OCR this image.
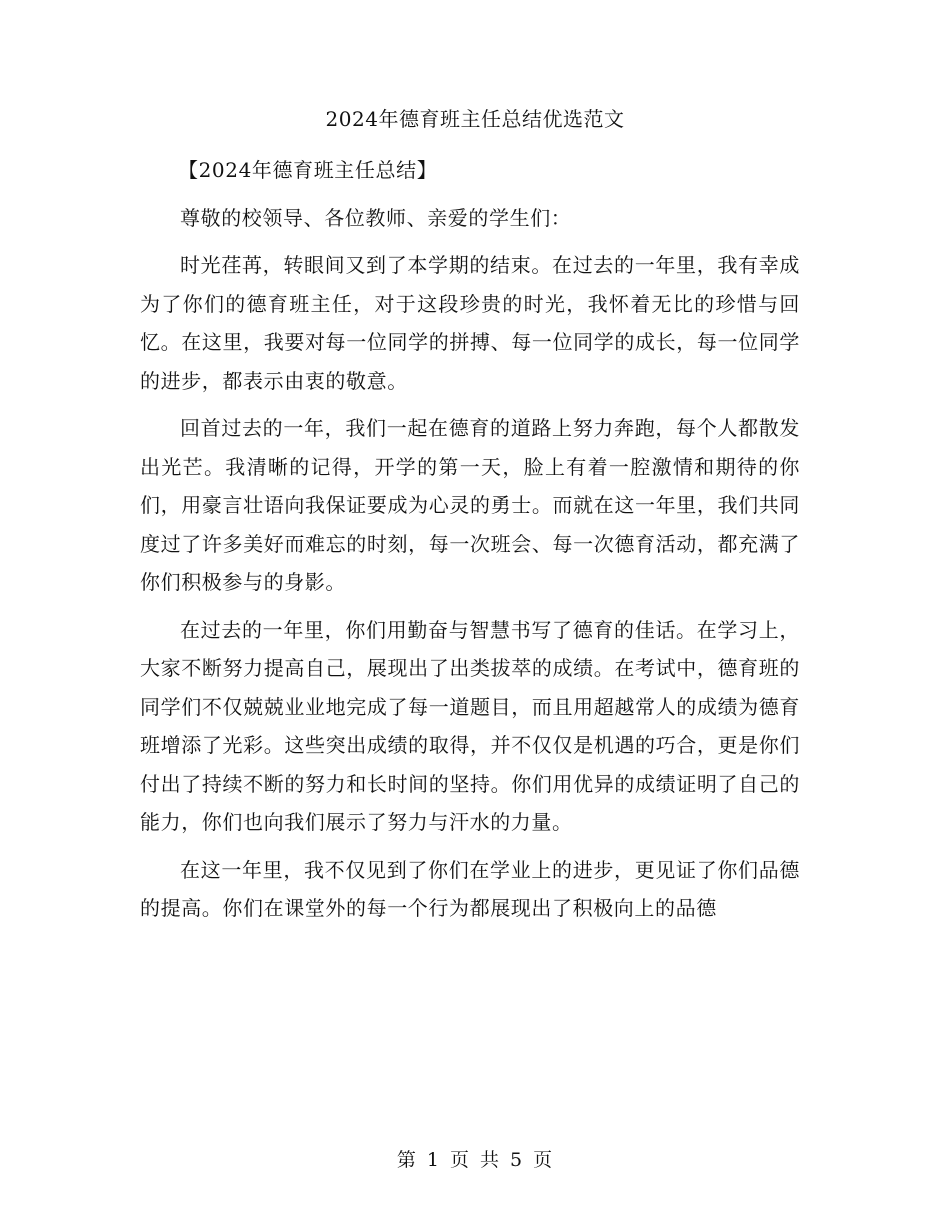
2024年德育班主任总结优选范文

【2024年德育班主任总结】

尊敬的校领导、各位教师、亲爱的学生们：

时光荏苒，转眼间又到了本学期的结束。在过去的一年里，我有幸成为了你们的德育班主任，对于这段珍贵的时光，我怀着无比的珍惜与回忆。在这里，我要对每一位同学的拼搏、每一位同学的成长，每一位同学的进步，都表示由衷的敬意。

回首过去的一年，我们一起在德育的道路上努力奔跑，每个人都散发出光芒。我清晰的记得，开学的第一天，脸上有着一腔激情和期待的你们，用豪言壮语向我保证要成为心灵的勇士。而就在这一年里，我们共同度过了许多美好而难忘的时刻，每一次班会、每一次德育活动，都充满了你们积极参与的身影。

在过去的一年里，你们用勤奋与智慧书写了德育的佳话。在学习上，大家不断努力提高自己，展现出了出类拔萃的成绩。在考试中，德育班的同学们不仅兢兢业业地完成了每一道题目，而且用超越常人的成绩为德育班增添了光彩。这些突出成绩的取得，并不仅仅是机遇的巧合，更是你们付出了持续不断的努力和长时间的坚持。你们用优异的成绩证明了自己的能力，你们也向我们展示了努力与汗水的力量。

在这一年里，我不仅见到了你们在学业上的进步，更见证了你们品德的提高。你们在课堂外的每一个行为都展现出了积极向上的品德

第 1 页 共 5 页
